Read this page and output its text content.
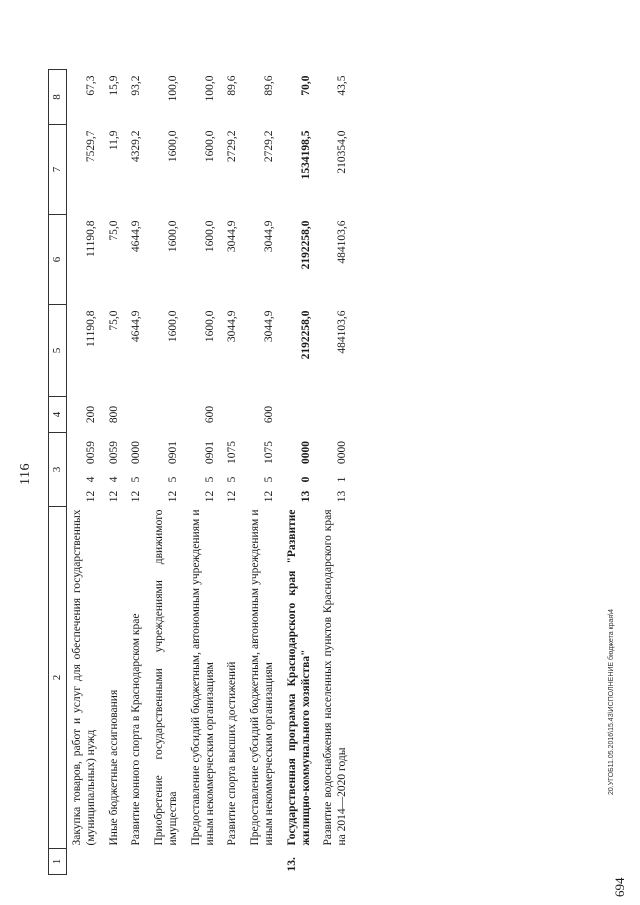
116
1	2	3			4	5	6	7	8
	Закупка товаров, работ и услуг для обеспечения государственных (муниципальных) нужд	12	4	0059	200	11190,8	11190,8	7529,7	67,3
	Иные бюджетные ассигнования	12	4	0059	800	75,0	75,0	11,9	15,9
	Развитие конного спорта в Краснодарском крае	12	5	0000		4644,9	4644,9	4329,2	93,2
	Приобретение государственными учреждениями движимого имущества	12	5	0901		1600,0	1600,0	1600,0	100,0
	Предоставление субсидий бюджетным, автономным учреждениям и иным некоммерческим организациям	12	5	0901	600	1600,0	1600,0	1600,0	100,0
	Развитие спорта высших достижений	12	5	1075		3044,9	3044,9	2729,2	89,6
	Предоставление субсидий бюджетным, автономным учреждениям и иным некоммерческим организациям	12	5	1075	600	3044,9	3044,9	2729,2	89,6
13.	Государственная программа Краснодарского края "Развитие жилищно-коммунального хозяйства"	13	0	0000		2192258,0	2192258,0	1534198,5	70,0
	Развитие водоснабжения населенных пунктов Краснодарского края на 2014—2020 годы	13	1	0000		484103,6	484103,6	210354,0	43,5
694
20.УГОБ11.05.2016\15.43\ИСПОЛНЕНИЕ бюджета края\4
